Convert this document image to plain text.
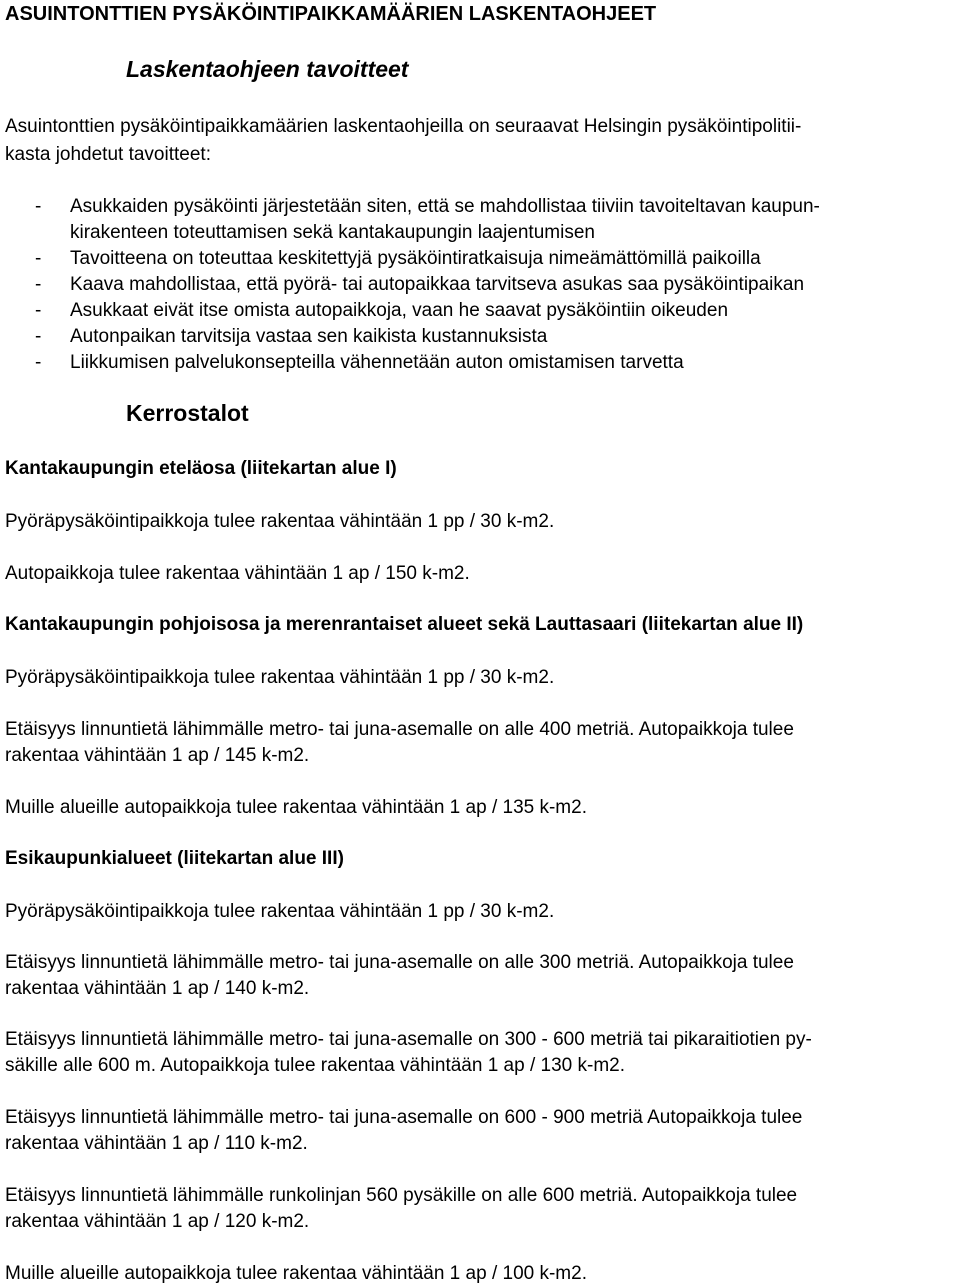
ASUINTONTTIEN PYSÄKÖINTIPAIKKAMÄÄRIEN LASKENTAOHJEET
Laskentaohjeen tavoitteet
Asuintonttien pysäköintipaikkamäärien laskentaohjeilla on seuraavat Helsingin pysäköintipolitii-
kasta johdetut tavoitteet:
- Asukkaiden pysäköinti järjestetään siten, että se mahdollistaa tiiviin tavoiteltavan kaupun-
kirakenteen toteuttamisen sekä kantakaupungin laajentumisen
- Tavoitteena on toteuttaa keskitettyjä pysäköintiratkaisuja nimeämättömillä paikoilla
- Kaava mahdollistaa, että pyörä- tai autopaikkaa tarvitseva asukas saa pysäköintipaikan
- Asukkaat eivät itse omista autopaikkoja, vaan he saavat pysäköintiin oikeuden
- Autonpaikan tarvitsija vastaa sen kaikista kustannuksista
- Liikkumisen palvelukonsepteilla vähennetään auton omistamisen tarvetta
Kerrostalot
Kantakaupungin eteläosa (liitekartan alue I)
Pyöräpysäköintipaikkoja tulee rakentaa vähintään 1 pp / 30 k-m2.
Autopaikkoja tulee rakentaa vähintään 1 ap / 150 k-m2.
Kantakaupungin pohjoisosa ja merenrantaiset alueet sekä Lauttasaari (liitekartan alue II)
Pyöräpysäköintipaikkoja tulee rakentaa vähintään 1 pp / 30 k-m2.
Etäisyys linnuntietä lähimmälle metro- tai juna-asemalle on alle 400 metriä. Autopaikkoja tulee
rakentaa vähintään 1 ap / 145 k-m2.
Muille alueille autopaikkoja tulee rakentaa vähintään 1 ap / 135 k-m2.
Esikaupunkialueet (liitekartan alue III)
Pyöräpysäköintipaikkoja tulee rakentaa vähintään 1 pp / 30 k-m2.
Etäisyys linnuntietä lähimmälle metro- tai juna-asemalle on alle 300 metriä. Autopaikkoja tulee
rakentaa vähintään 1 ap / 140 k-m2.
Etäisyys linnuntietä lähimmälle metro- tai juna-asemalle on 300 - 600 metriä tai pikaraitiotien py-
säkille alle 600 m. Autopaikkoja tulee rakentaa vähintään 1 ap / 130 k-m2.
Etäisyys linnuntietä lähimmälle metro- tai juna-asemalle on 600 - 900 metriä Autopaikkoja tulee
rakentaa vähintään 1 ap / 110 k-m2.
Etäisyys linnuntietä lähimmälle runkolinjan 560 pysäkille on alle 600 metriä. Autopaikkoja tulee
rakentaa vähintään 1 ap / 120 k-m2.
Muille alueille autopaikkoja tulee rakentaa vähintään 1 ap / 100 k-m2.
